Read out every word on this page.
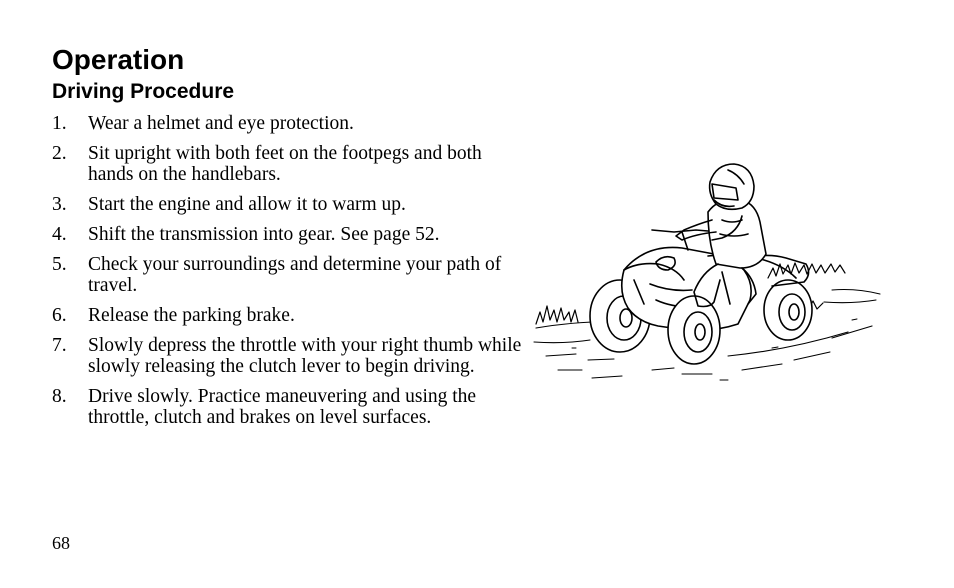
Operation
Driving Procedure
1. Wear a helmet and eye protection.
2. Sit upright with both feet on the footpegs and both hands on the handlebars.
3. Start the engine and allow it to warm up.
4. Shift the transmission into gear. See page 52.
5. Check your surroundings and determine your path of travel.
6. Release the parking brake.
7. Slowly depress the throttle with your right thumb while slowly releasing the clutch lever to begin driving.
8. Drive slowly. Practice maneuvering and using the throttle, clutch and brakes on level surfaces.
68
